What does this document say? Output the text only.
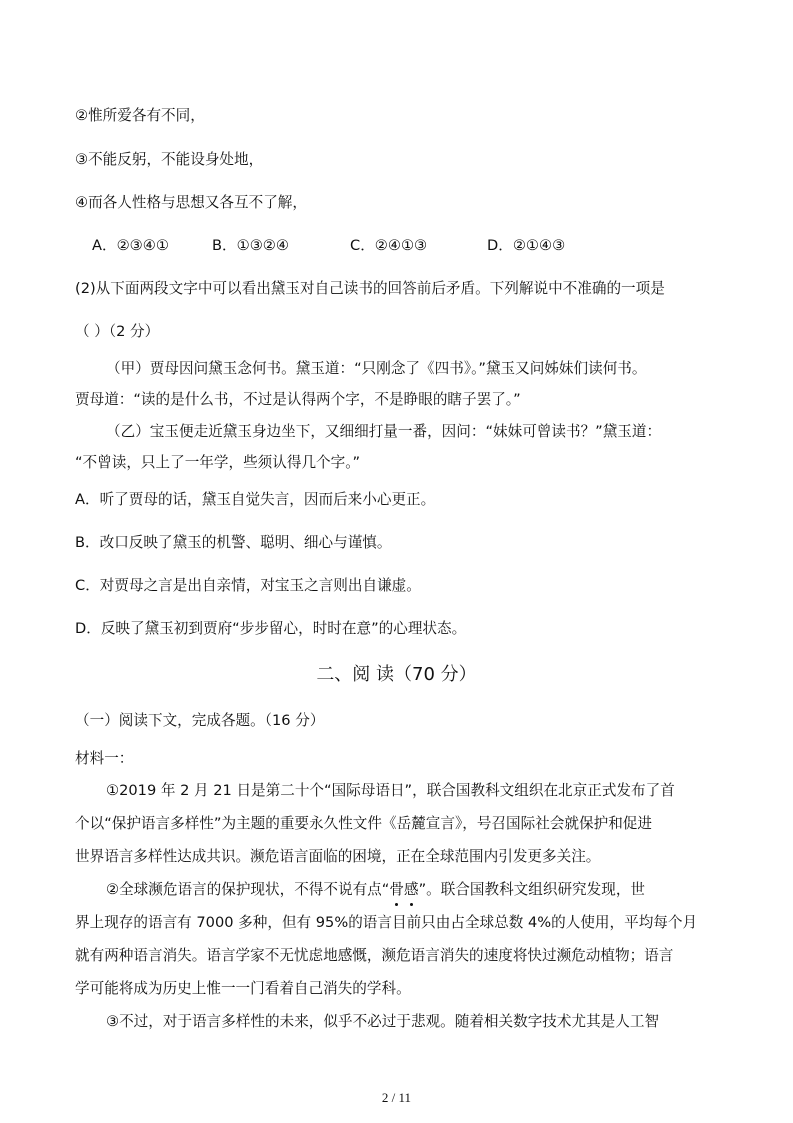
②惟所爱各有不同，
③不能反躬，不能设身处地，
④而各人性格与思想又各互不了解，
A．②③④①	B．①③②④	C．②④①③	D．②①④③
(2)从下面两段文字中可以看出黛玉对自己读书的回答前后矛盾。下列解说中不准确的一项是
（ ）（2 分）
（甲）贾母因问黛玉念何书。黛玉道：“只刚念了《四书》。”黛玉又问姊妹们读何书。
贾母道：“读的是什么书，不过是认得两个字，不是睁眼的瞎子罢了。”
（乙）宝玉便走近黛玉身边坐下，又细细打量一番，因问：“妹妹可曾读书？”黛玉道：
“不曾读，只上了一年学，些须认得几个字。”
A．听了贾母的话，黛玉自觉失言，因而后来小心更正。
B．改口反映了黛玉的机警、聪明、细心与谨慎。
C．对贾母之言是出自亲情，对宝玉之言则出自谦虚。
D．反映了黛玉初到贾府“步步留心，时时在意”的心理状态。
二、阅 读（70 分）
（一）阅读下文，完成各题。（16 分）
材料一：
①2019 年 2 月 21 日是第二十个“国际母语日”，联合国教科文组织在北京正式发布了首
个以“保护语言多样性”为主题的重要永久性文件《岳麓宣言》，号召国际社会就保护和促进
世界语言多样性达成共识。濒危语言面临的困境，正在全球范围内引发更多关注。
②全球濒危语言的保护现状，不得不说有点“骨感”。联合国教科文组织研究发现，世
界上现存的语言有 7000 多种，但有 95%的语言目前只由占全球总数 4%的人使用，平均每个月
就有两种语言消失。语言学家不无忧虑地感慨，濒危语言消失的速度将快过濒危动植物；语言
学可能将成为历史上惟一一门看着自己消失的学科。
③不过，对于语言多样性的未来，似乎不必过于悲观。随着相关数字技术尤其是人工智
2 / 11
